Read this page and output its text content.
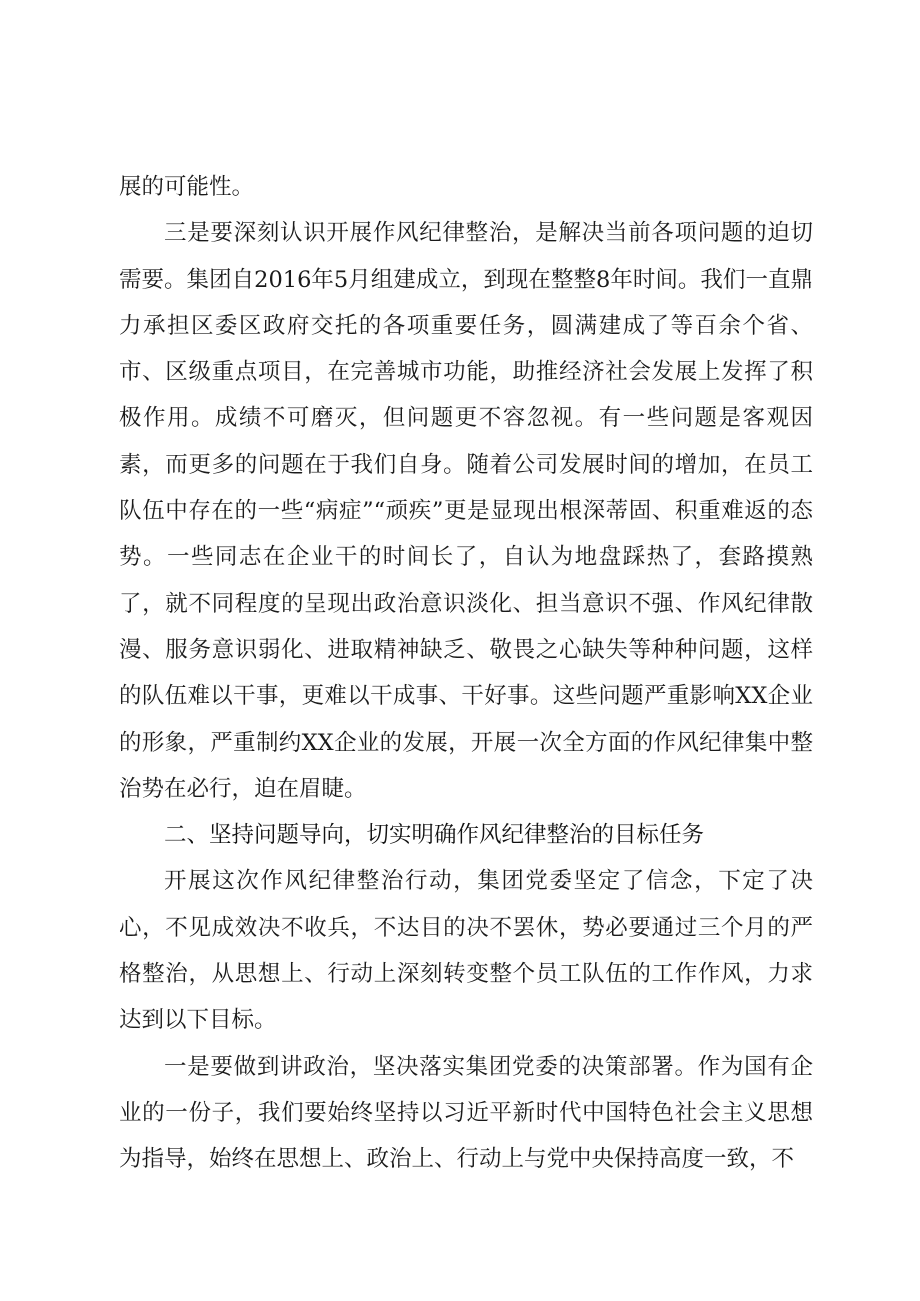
展的可能性。

三是要深刻认识开展作风纪律整治，是解决当前各项问题的迫切需要。集团自2016年5月组建成立，到现在整整8年时间。我们一直鼎力承担区委区政府交托的各项重要任务，圆满建成了等百余个省、市、区级重点项目，在完善城市功能，助推经济社会发展上发挥了积极作用。成绩不可磨灭，但问题更不容忽视。有一些问题是客观因素，而更多的问题在于我们自身。随着公司发展时间的增加，在员工队伍中存在的一些“病症”“顽疾”更是显现出根深蒂固、积重难返的态势。一些同志在企业干的时间长了，自认为地盘踩热了，套路摸熟了，就不同程度的呈现出政治意识淡化、担当意识不强、作风纪律散漫、服务意识弱化、进取精神缺乏、敬畏之心缺失等种种问题，这样的队伍难以干事，更难以干成事、干好事。这些问题严重影响XX企业的形象，严重制约XX企业的发展，开展一次全方面的作风纪律集中整治势在必行，迫在眉睫。

二、坚持问题导向，切实明确作风纪律整治的目标任务

开展这次作风纪律整治行动，集团党委坚定了信念，下定了决心，不见成效决不收兵，不达目的决不罢休，势必要通过三个月的严格整治，从思想上、行动上深刻转变整个员工队伍的工作作风，力求达到以下目标。

一是要做到讲政治，坚决落实集团党委的决策部署。作为国有企业的一份子，我们要始终坚持以习近平新时代中国特色社会主义思想为指导，始终在思想上、政治上、行动上与党中央保持高度一致，不
